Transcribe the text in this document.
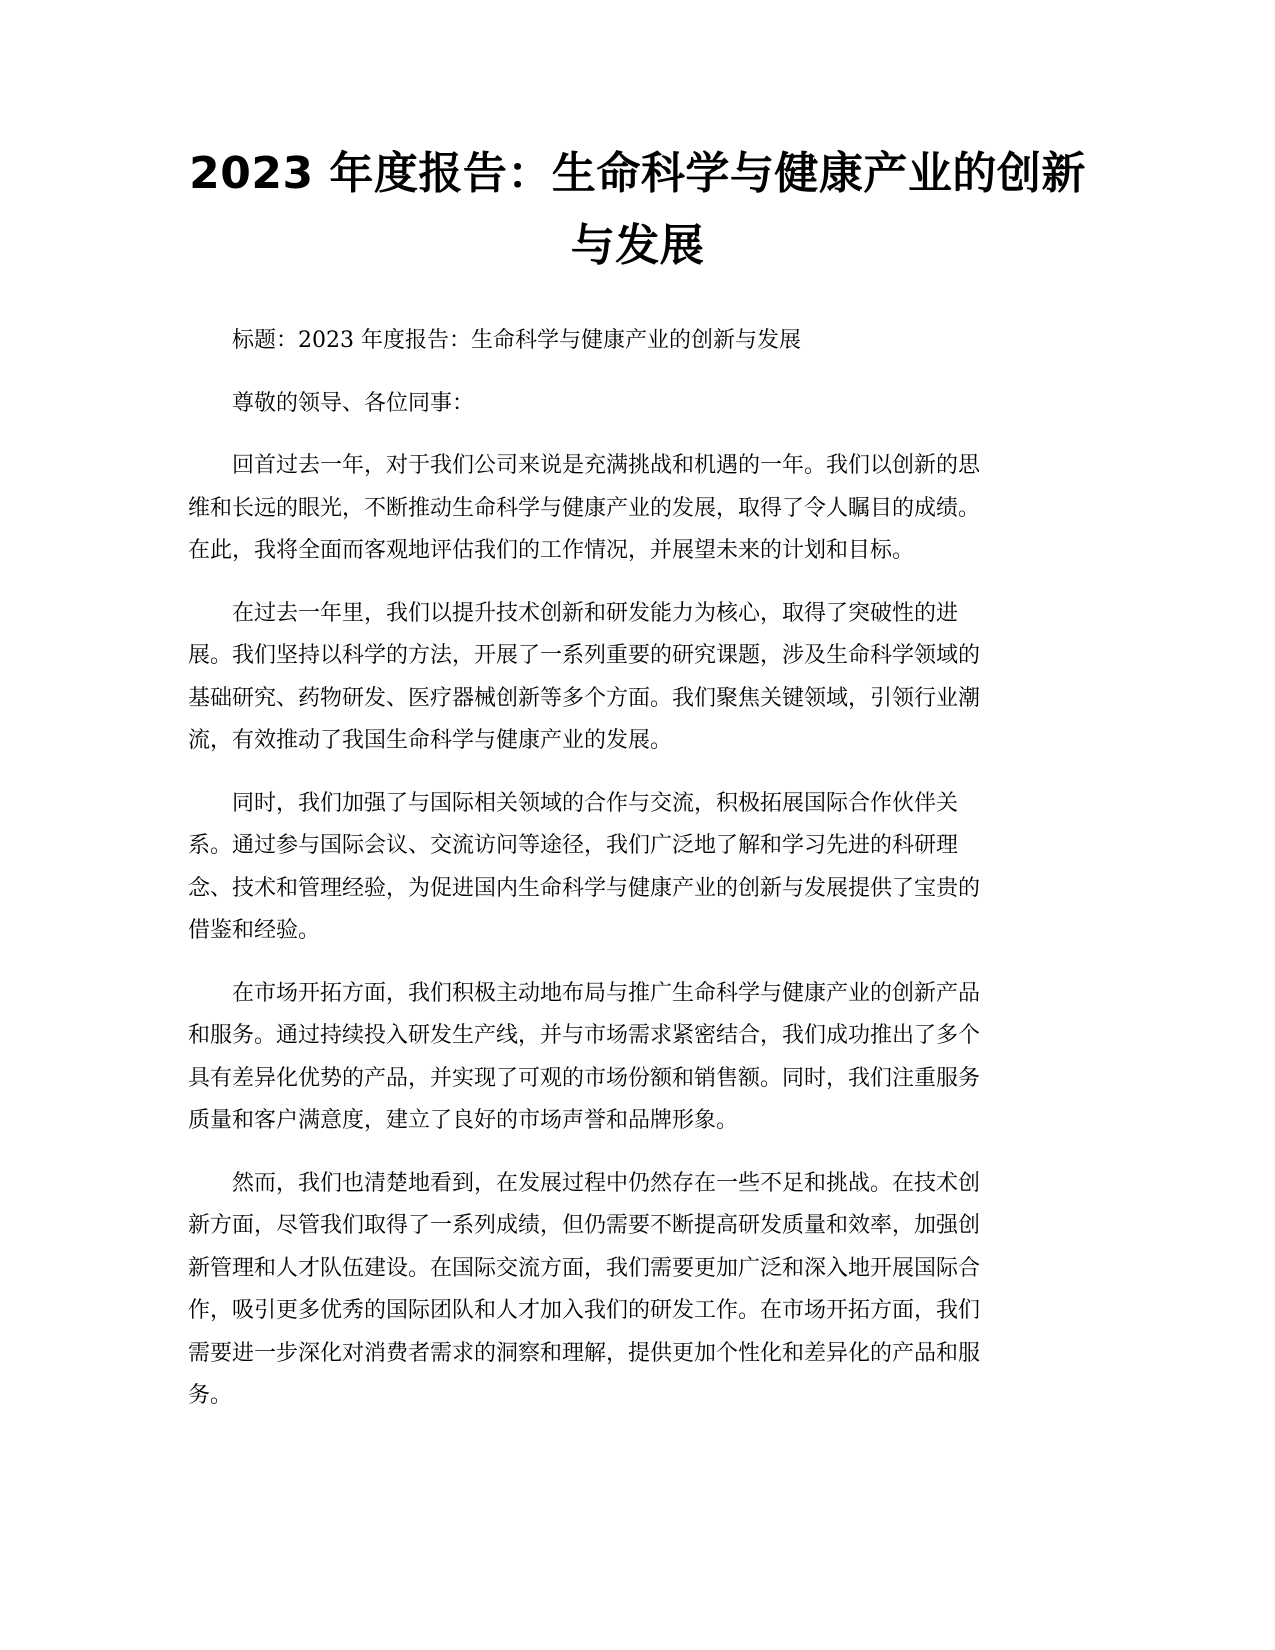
2023 年度报告：生命科学与健康产业的创新
与发展

标题：2023 年度报告：生命科学与健康产业的创新与发展

尊敬的领导、各位同事：

回首过去一年，对于我们公司来说是充满挑战和机遇的一年。我们以创新的思
维和长远的眼光，不断推动生命科学与健康产业的发展，取得了令人瞩目的成绩。
在此，我将全面而客观地评估我们的工作情况，并展望未来的计划和目标。

在过去一年里，我们以提升技术创新和研发能力为核心，取得了突破性的进
展。我们坚持以科学的方法，开展了一系列重要的研究课题，涉及生命科学领域的
基础研究、药物研发、医疗器械创新等多个方面。我们聚焦关键领域，引领行业潮
流，有效推动了我国生命科学与健康产业的发展。

同时，我们加强了与国际相关领域的合作与交流，积极拓展国际合作伙伴关
系。通过参与国际会议、交流访问等途径，我们广泛地了解和学习先进的科研理
念、技术和管理经验，为促进国内生命科学与健康产业的创新与发展提供了宝贵的
借鉴和经验。

在市场开拓方面，我们积极主动地布局与推广生命科学与健康产业的创新产品
和服务。通过持续投入研发生产线，并与市场需求紧密结合，我们成功推出了多个
具有差异化优势的产品，并实现了可观的市场份额和销售额。同时，我们注重服务
质量和客户满意度，建立了良好的市场声誉和品牌形象。

然而，我们也清楚地看到，在发展过程中仍然存在一些不足和挑战。在技术创
新方面，尽管我们取得了一系列成绩，但仍需要不断提高研发质量和效率，加强创
新管理和人才队伍建设。在国际交流方面，我们需要更加广泛和深入地开展国际合
作，吸引更多优秀的国际团队和人才加入我们的研发工作。在市场开拓方面，我们
需要进一步深化对消费者需求的洞察和理解，提供更加个性化和差异化的产品和服
务。
